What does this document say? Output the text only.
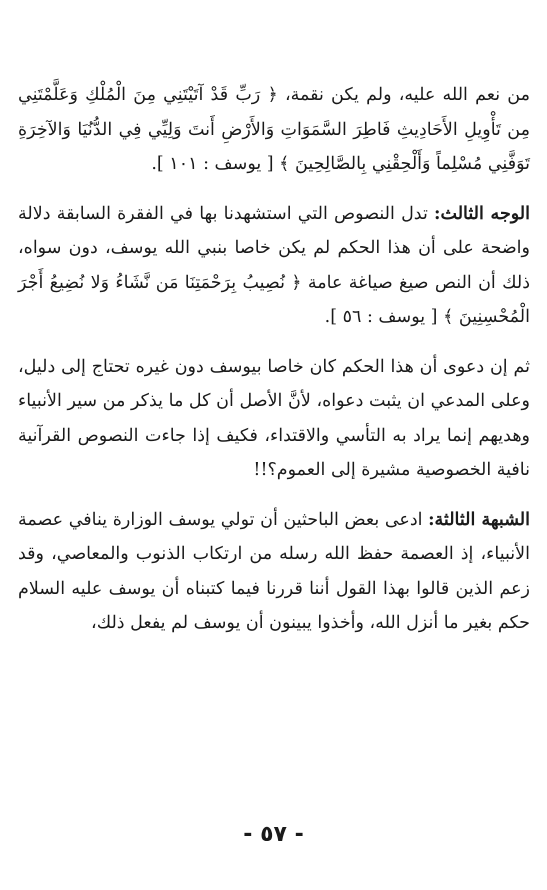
من نعم الله عليه، ولم يكن نقمة، ﴿ رَبِّ قَدْ آتَيْتَنِي مِنَ الْمُلْكِ وَعَلَّمْتَنِي مِن تَأْوِيلِ الأَحَادِيثِ فَاطِرَ السَّمَوَاتِ وَالأَرْضِ أَنتَ وَلِيِّي فِي الدُّنُيَا وَالآخِرَةِ تَوَفَّنِي مُسْلِماً وَأَلْحِقْنِي بِالصَّالِحِينَ ﴾ [ يوسف : ١٠١ ].

الوجه الثالث: تدل النصوص التي استشهدنا بها في الفقرة السابقة دلالة واضحة على أن هذا الحكم لم يكن خاصا بنبي الله يوسف، دون سواه، ذلك أن النص صيغ صياغة عامة ﴿ نُصِيبُ بِرَحْمَتِنَا مَن نَّشَاءُ وَلا نُضِيعُ أَجْرَ الْمُحْسِنِينَ ﴾ [ يوسف : ٥٦ ].

ثم إن دعوى أن هذا الحكم كان خاصا بيوسف دون غيره تحتاج إلى دليل، وعلى المدعي ان يثبت دعواه، لأنَّ الأصل أن كل ما يذكر من سير الأنبياء وهديهم إنما يراد به التأسي والاقتداء، فكيف إذا جاءت النصوص القرآنية نافية الخصوصية مشيرة إلى العموم؟!!

الشبهة الثالثة: ادعى بعض الباحثين أن تولي يوسف الوزارة ينافي عصمة الأنبياء، إذ العصمة حفظ الله رسله من ارتكاب الذنوب والمعاصي، وقد زعم الذين قالوا بهذا القول أننا قررنا فيما كتبناه أن يوسف عليه السلام حكم بغير ما أنزل الله، وأخذوا يبينون أن يوسف لم يفعل ذلك،

- ٥٧ -
